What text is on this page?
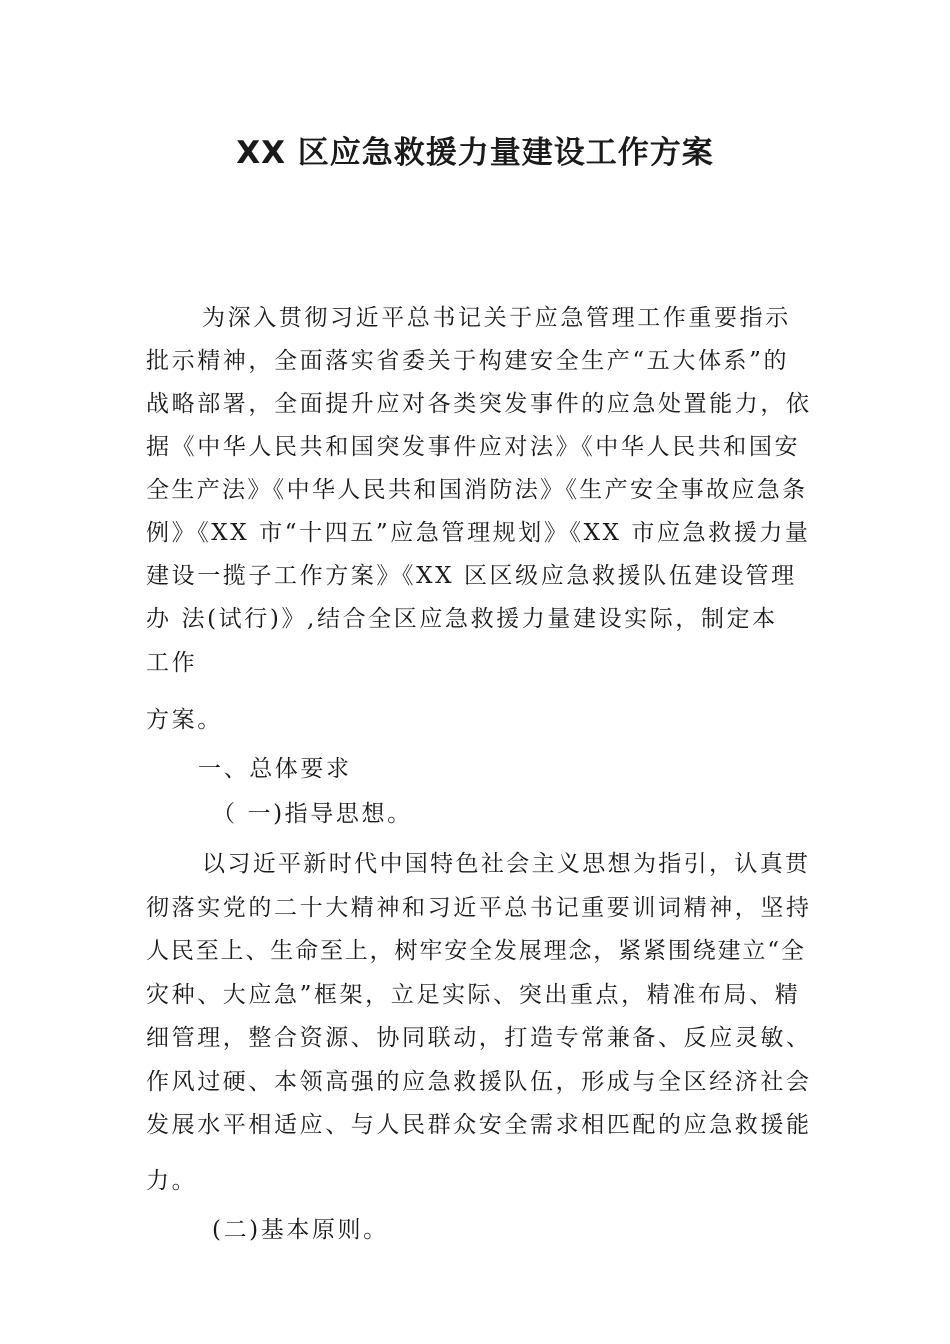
XX 区应急救援力量建设工作方案
为深入贯彻习近平总书记关于应急管理工作重要指示
批示精神，全面落实省委关于构建安全生产“五大体系”的
战略部署，全面提升应对各类突发事件的应急处置能力，依
据《中华人民共和国突发事件应对法》《中华人民共和国安
全生产法》《中华人民共和国消防法》《生产安全事故应急条
例》《XX 市“十四五”应急管理规划》《XX 市应急救援力量
建设一揽子工作方案》《XX 区区级应急救援队伍建设管理
办 法(试行)》,结合全区应急救援力量建设实际，制定本
工作
方案。
一、总体要求
（ 一)指导思想。
以习近平新时代中国特色社会主义思想为指引，认真贯
彻落实党的二十大精神和习近平总书记重要训词精神，坚持
人民至上、生命至上，树牢安全发展理念，紧紧围绕建立“全
灾种、大应急”框架，立足实际、突出重点，精准布局、精
细管理，整合资源、协同联动，打造专常兼备、反应灵敏、
作风过硬、本领高强的应急救援队伍，形成与全区经济社会
发展水平相适应、与人民群众安全需求相匹配的应急救援能
力。
(二)基本原则。
